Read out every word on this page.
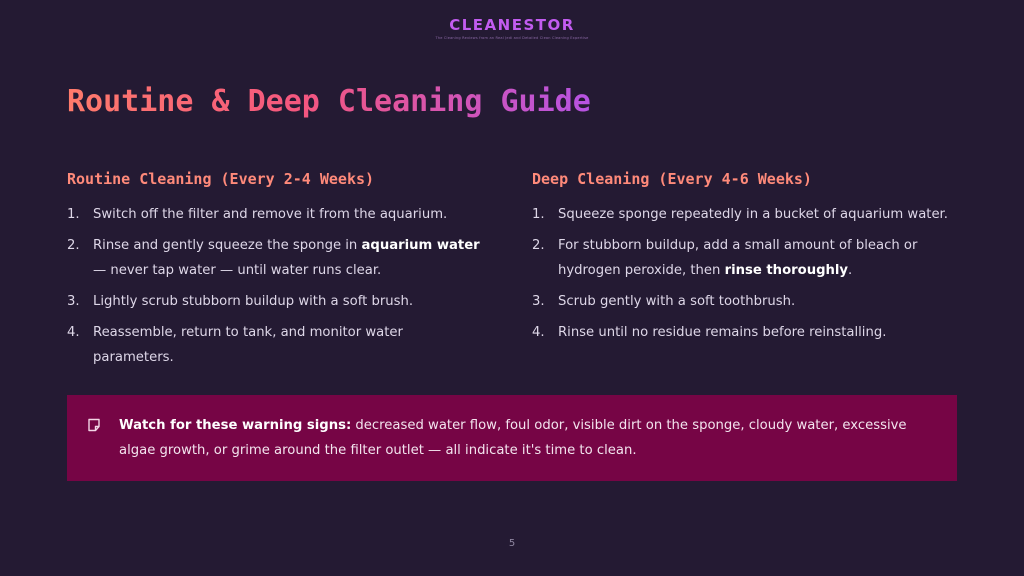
CLEANESTOR
The Cleaning Reviews from an Real Jedi and Detailed Clean Cleaning Expertise
Routine & Deep Cleaning Guide
Routine Cleaning (Every 2-4 Weeks)
1.	Switch off the filter and remove it from the aquarium.
2.	Rinse and gently squeeze the sponge in aquarium water — never tap water — until water runs clear.
3.	Lightly scrub stubborn buildup with a soft brush.
4.	Reassemble, return to tank, and monitor water parameters.
Deep Cleaning (Every 4-6 Weeks)
1.	Squeeze sponge repeatedly in a bucket of aquarium water.
2.	For stubborn buildup, add a small amount of bleach or hydrogen peroxide, then rinse thoroughly.
3.	Scrub gently with a soft toothbrush.
4.	Rinse until no residue remains before reinstalling.

Watch for these warning signs: decreased water flow, foul odor, visible dirt on the sponge, cloudy water, excessive algae growth, or grime around the filter outlet — all indicate it's time to clean.

5
